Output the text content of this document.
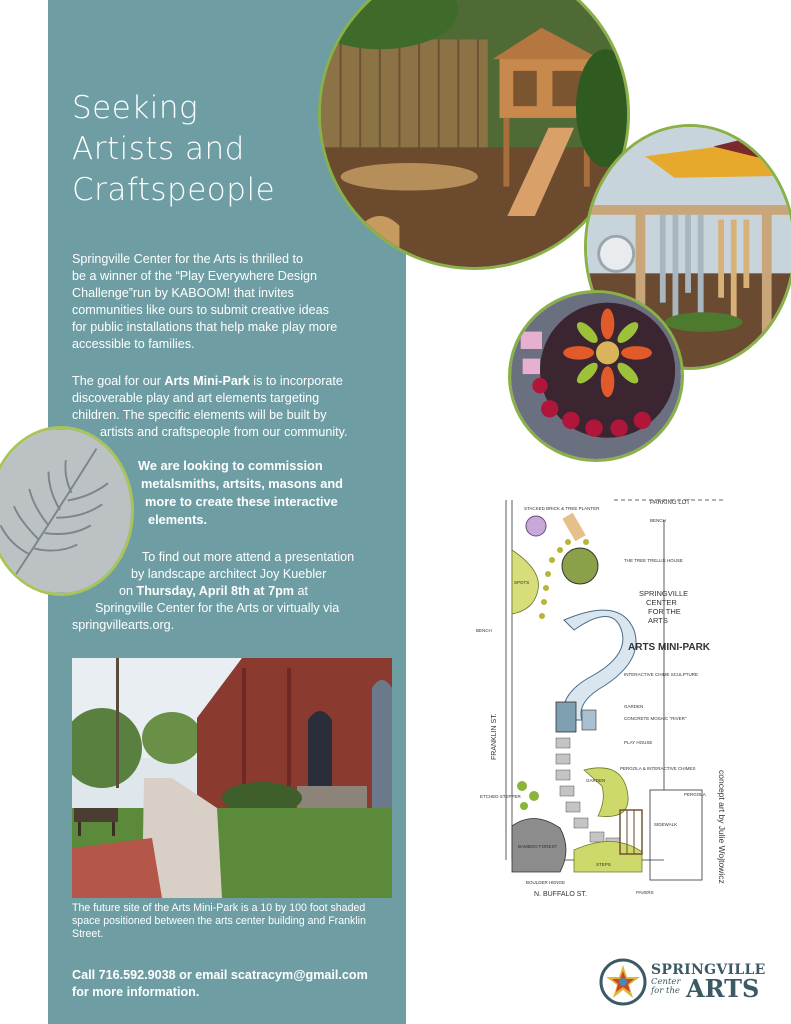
Seeking
Artists and
Craftspeople
Springville Center for the Arts is thrilled to
be a winner of the “Play Everywhere Design
Challenge”run by KABOOM! that invites
communities like ours to submit creative ideas
for public installations that help make play more
accessible to families.
The goal for our Arts Mini-Park is to incorporate
discoverable play and art elements targeting
children. The specific elements will be built by
artists and craftspeople from our community.
We are looking to commission
metalsmiths, artsits, masons and
more to create these interactive
elements.
To find out more attend a presentation
by landscape architect Joy Kuebler
on Thursday, April 8th at 7pm at
Springville Center for the Arts or virtually via
springvillearts.org.
The future site of the Arts Mini-Park is a 10 by 100 foot shaded space positioned between the arts center building and Franklin Street.
Call 716.592.9038 or email scatracym@gmail.com
for more information.
SPRINGVILLE
CENTER
FOR THE
ARTS
ARTS MINI-PARK
PARKING LOT
STACKED BRICK & TREE PLANTER
BENCH
THE TREE TRELLIS HOUSE
SPOTS
BENCH
INTERACTIVE CHIME SCULPTURE
GARDEN
CONCRETE MOSAIC "RIVER"
PLAY HOUSE
PERGOLA & INTERACTIVE CHIMES
GARDEN
PERGOLA
BAMBOO FOREST
STEPS
BOULDER HENGE
SIDEWALK
PAVERS
ETCHED STEPPER
N. BUFFALO ST.
FRANKLIN ST.
concept art by Julie Wojtowicz
SPRINGVILLE
Center for the ARTS
